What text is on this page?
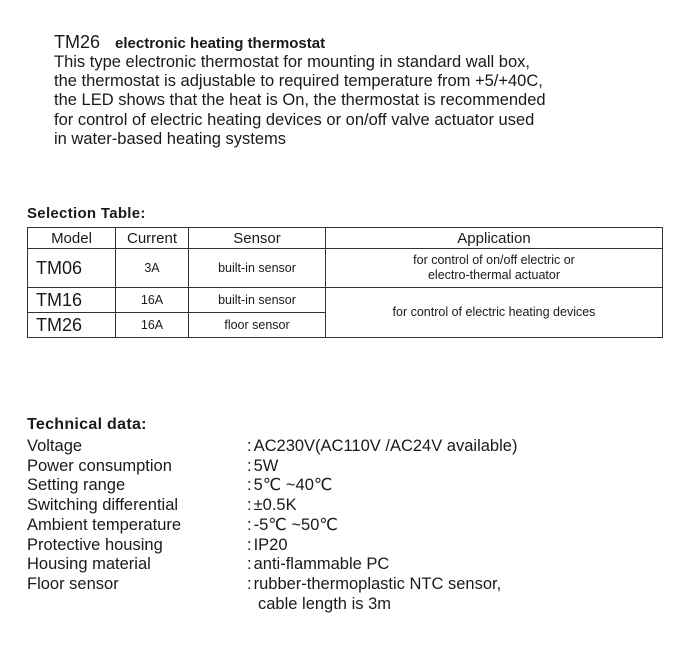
TM26 electronic heating thermostat

This type electronic thermostat for mounting in standard wall box,

the thermostat is adjustable to required temperature from +5/+40C,

the LED shows that the heat is On, the thermostat is recommended

for control of electric heating devices or on/off valve actuator used

in water-based heating systems

Selection Table:
Model	Current	Sensor	Application
TM06	3A	built-in sensor	for control of on/off electric or
electro-thermal actuator

TM16	16A	built-in sensor	for control of electric heating devices
TM26	16A	floor sensor	
Technical data:
Voltage	: AC230V(AC110V /AC24V available)
Power consumption	: 5W
Setting range	: 5℃ ~40℃
Switching differential	: ±0.5K
Ambient temperature	: -5℃ ~50℃
Protective housing	: IP20
Housing material	: anti-flammable PC
Floor sensor	: rubber-thermoplastic NTC sensor,
cable length is 3m
